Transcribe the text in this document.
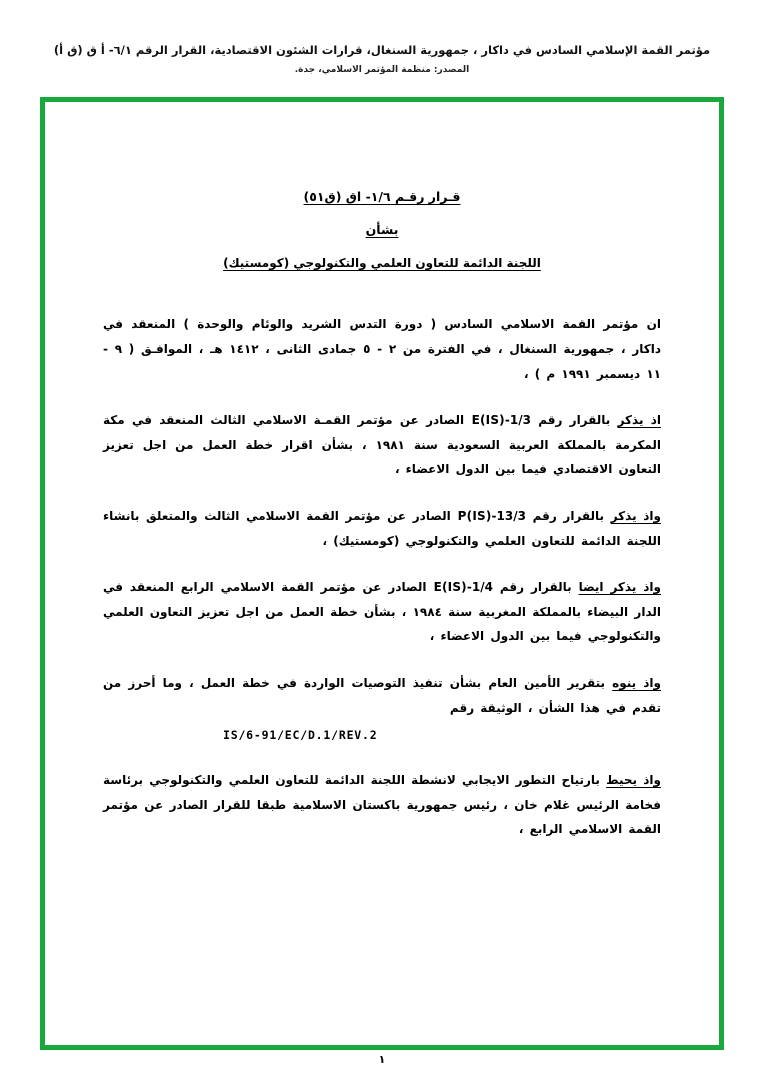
مؤتمر القمة الإسلامي السادس في داكار ، جمهورية السنغال، قرارات الشئون الاقتصادية، القرار الرقم ٦/١- أ ق (ق أ)
المصدر: منظمة المؤتمر الاسلامي، جدة.
قـرار رقـم ١/٦- اق (ق٥١)
بشأن
اللجنة الدائمة للتعاون العلمي والتكنولوجي (كومستيك)

ان مؤتمر القمة الاسلامي السادس ( دورة التدس الشريد والوئام والوحدة ) المنعقد في داكار ، جمهورية السنغال ، في الفترة من ٢ - ٥ جمادى الثانى ، ١٤١٢ هـ ، الموافـق ( ٩ - ١١ ديسمبر ١٩٩١ م ) ،

اذ يذكر بالقرار رقم 1/3-E(IS) الصادر عن مؤتمر القمـة الاسلامي الثالث المنعقد في مكة المكرمة بالمملكة العربية السعودية سنة ١٩٨١ ، بشأن اقرار خطة العمل من اجل تعزيز التعاون الاقتصادي فيما بين الدول الاعضاء ،

واذ يذكر بالقرار رقم 13/3-P(IS) الصادر عن مؤتمر القمة الاسلامي الثالث والمتعلق بانشاء اللجنة الدائمة للتعاون العلمي والتكنولوجي (كومستيك) ،

واذ يذكر ايضا بالقرار رقم 1/4-E(IS) الصادر عن مؤتمر القمة الاسلامي الرابع المنعقد في الدار البيضاء بالمملكة المغربية سنة ١٩٨٤ ، بشأن خطة العمل من اجل تعزيز التعاون العلمي والتكنولوجي فيما بين الدول الاعضاء ،

واذ ينوه بتقرير الأمين العام بشأن تنفيذ التوصيات الواردة في خطة العمل ، وما أحرز من تقدم في هذا الشأن ، الوثيقة رقم

IS/6-91/EC/D.1/REV.2

واذ يحيط بارتياح التطور الايجابي لانشطة اللجنة الدائمة للتعاون العلمي والتكنولوجي برئاسة فخامة الرئيس غلام خان ، رئيس جمهورية باكستان الاسلامية طبقا للقرار الصادر عن مؤتمر القمة الاسلامي الرابع ،

١
